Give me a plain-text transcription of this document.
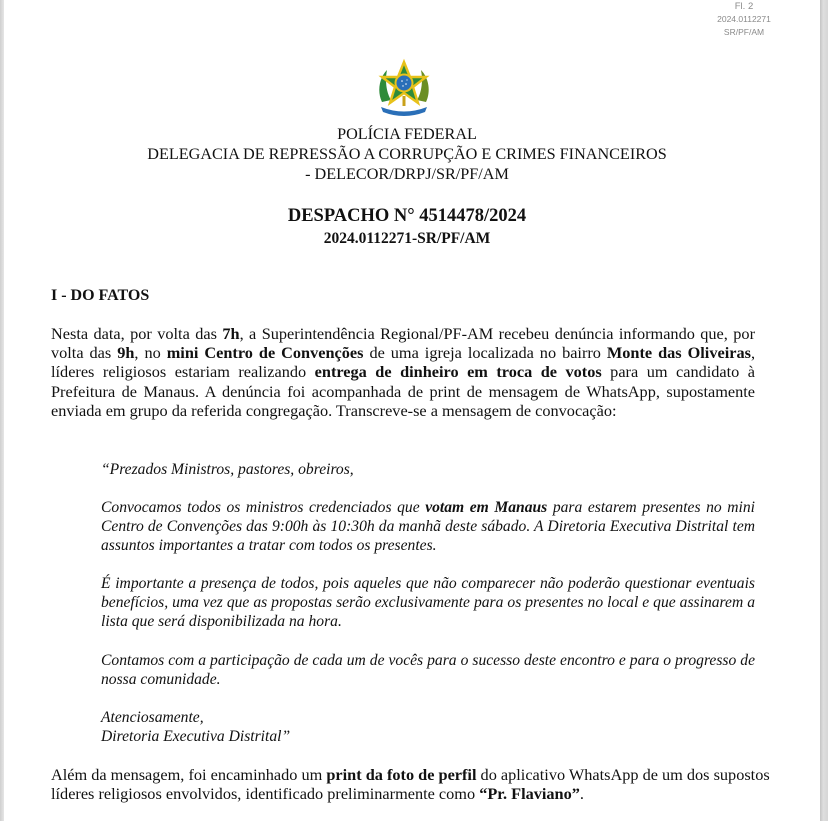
Fl. 2
2024.0112271
SR/PF/AM
POLÍCIA FEDERAL
DELEGACIA DE REPRESSÃO A CORRUPÇÃO E CRIMES FINANCEIROS
- DELECOR/DRPJ/SR/PF/AM
DESPACHO N° 4514478/2024
2024.0112271-SR/PF/AM
I - DO FATOS

Nesta data, por volta das 7h, a Superintendência Regional/PF-AM recebeu denúncia informando que, por volta das 9h, no mini Centro de Convenções de uma igreja localizada no bairro Monte das Oliveiras, líderes religiosos estariam realizando entrega de dinheiro em troca de votos para um candidato à Prefeitura de Manaus. A denúncia foi acompanhada de print de mensagem de WhatsApp, supostamente enviada em grupo da referida congregação. Transcreve-se a mensagem de convocação:

“Prezados Ministros, pastores, obreiros,

Convocamos todos os ministros credenciados que votam em Manaus para estarem presentes no mini Centro de Convenções das 9:00h às 10:30h da manhã deste sábado. A Diretoria Executiva Distrital tem assuntos importantes a tratar com todos os presentes.

É importante a presença de todos, pois aqueles que não comparecer não poderão questionar eventuais benefícios, uma vez que as propostas serão exclusivamente para os presentes no local e que assinarem a lista que será disponibilizada na hora.

Contamos com a participação de cada um de vocês para o sucesso deste encontro e para o progresso de nossa comunidade.

Atenciosamente,
Diretoria Executiva Distrital”

Além da mensagem, foi encaminhado um print da foto de perfil do aplicativo WhatsApp de um dos supostos líderes religiosos envolvidos, identificado preliminarmente como “Pr. Flaviano”.
